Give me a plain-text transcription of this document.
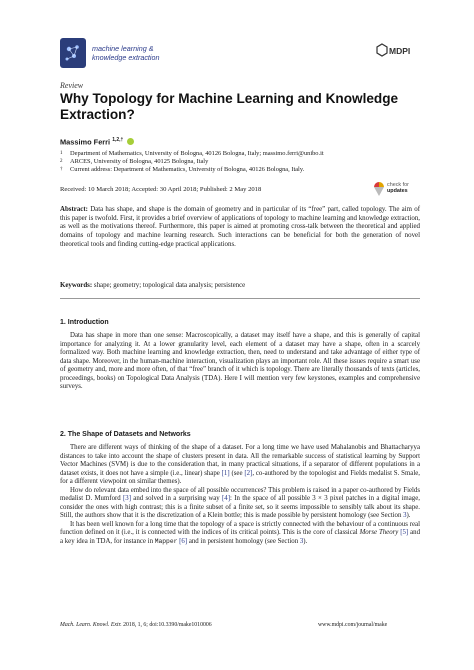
machine learning &
knowledge extraction
MDPI
Review
Why Topology for Machine Learning and Knowledge Extraction?
Massimo Ferri $^{1,2,\dagger}$
1 Department of Mathematics, University of Bologna, 40126 Bologna, Italy; massimo.ferri@unibo.it
2 ARCES, University of Bologna, 40125 Bologna, Italy
† Current address: Department of Mathematics, University of Bologna, 40126 Bologna, Italy.
Received: 10 March 2018; Accepted: 30 April 2018; Published: 2 May 2018
check for
updates
Abstract: Data has shape, and shape is the domain of geometry and in particular of its “free” part, called topology. The aim of this paper is twofold. First, it provides a brief overview of applications of topology to machine learning and knowledge extraction, as well as the motivations thereof. Furthermore, this paper is aimed at promoting cross-talk between the theoretical and applied domains of topology and machine learning research. Such interactions can be beneficial for both the generation of novel theoretical tools and finding cutting-edge practical applications.
Keywords: shape; geometry; topological data analysis; persistence
1. Introduction

Data has shape in more than one sense: Macroscopically, a dataset may itself have a shape, and this is generally of capital importance for analyzing it. At a lower granularity level, each element of a dataset may have a shape, often in a scarcely formalized way. Both machine learning and knowledge extraction, then, need to understand and take advantage of either type of data shape. Moreover, in the human-machine interaction, visualization plays an important role. All these issues require a smart use of geometry and, more and more often, of that “free” branch of it which is topology. There are literally thousands of texts (articles, proceedings, books) on Topological Data Analysis (TDA). Here I will mention very few keystones, examples and comprehensive surveys.

2. The Shape of Datasets and Networks

There are different ways of thinking of the shape of a dataset. For a long time we have used Mahalanobis and Bhattacharyya distances to take into account the shape of clusters present in data. All the remarkable success of statistical learning by Support Vector Machines (SVM) is due to the consideration that, in many practical situations, if a separator of different populations in a dataset exists, it does not have a simple (i.e., linear) shape [1] (see [2], co-authored by the topologist and Fields medalist S. Smale, for a different viewpoint on similar themes).

How do relevant data embed into the space of all possible occurrences? This problem is raised in a paper co-authored by Fields medalist D. Mumford [3] and solved in a surprising way [4]: In the space of all possible 3 × 3 pixel patches in a digital image, consider the ones with high contrast; this is a finite subset of a finite set, so it seems impossible to sensibly talk about its shape. Still, the authors show that it is the discretization of a Klein bottle; this is made possible by persistent homology (see Section 3).

It has been well known for a long time that the topology of a space is strictly connected with the behaviour of a continuous real function defined on it (i.e., it is connected with the indices of its critical points). This is the core of classical Morse Theory [5] and a key idea in TDA, for instance in Mapper [6] and in persistent homology (see Section 3).

Mach. Learn. Knowl. Extr. 2018, 1, 6; doi:10.3390/make1010006	www.mdpi.com/journal/make
